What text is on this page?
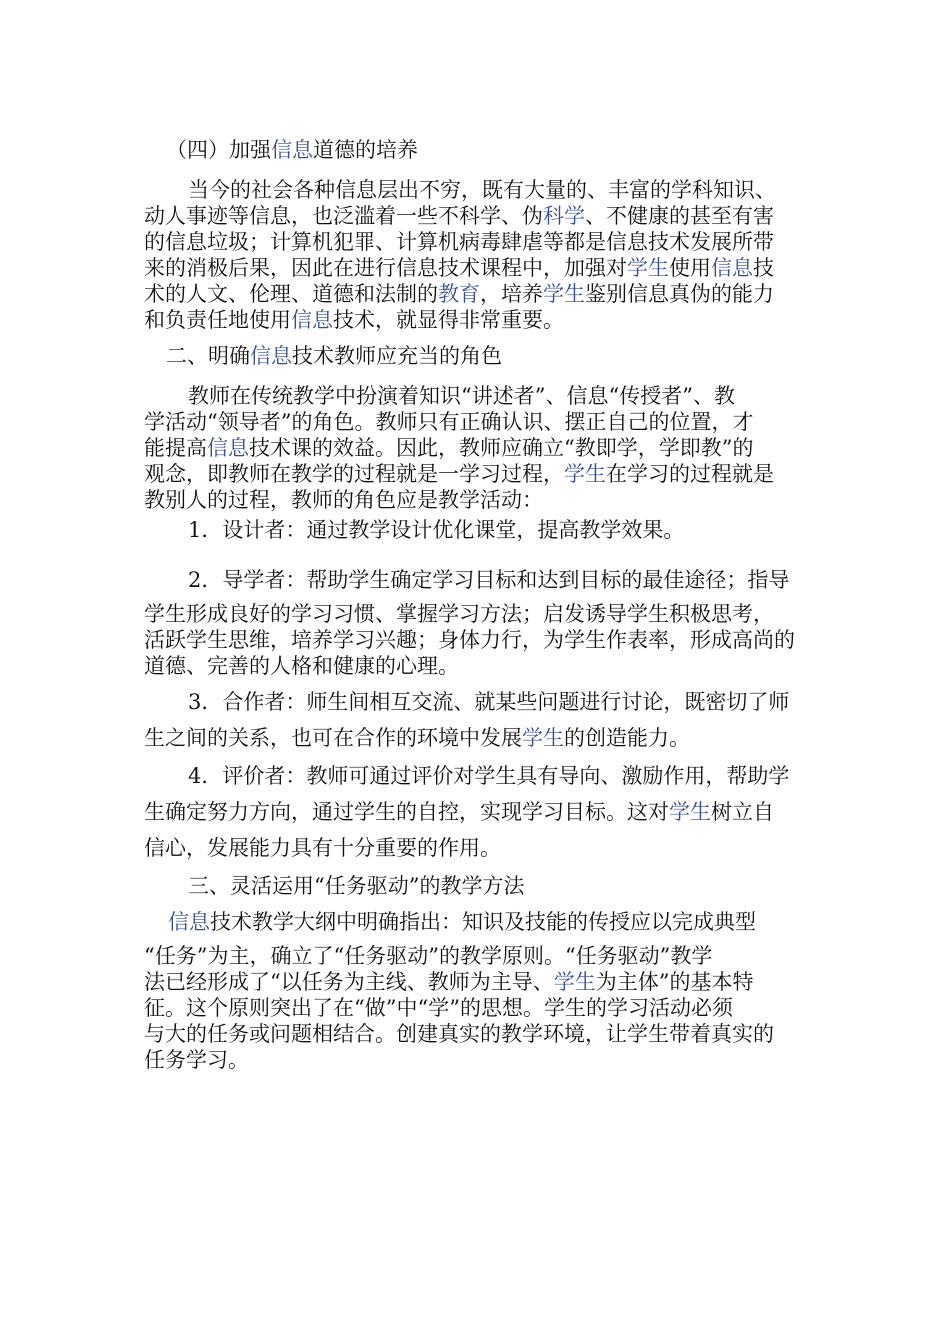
（四）加强信息道德的培养

当今的社会各种信息层出不穷，既有大量的、丰富的学科知识、

动人事迹等信息，也泛滥着一些不科学、伪科学、不健康的甚至有害

的信息垃圾；计算机犯罪、计算机病毒肆虐等都是信息技术发展所带

来的消极后果，因此在进行信息技术课程中，加强对学生使用信息技

术的人文、伦理、道德和法制的教育，培养学生鉴别信息真伪的能力

和负责任地使用信息技术，就显得非常重要。

二、明确信息技术教师应充当的角色

教师在传统教学中扮演着知识“讲述者”、信息“传授者”、教

学活动“领导者”的角色。教师只有正确认识、摆正自己的位置，才

能提高信息技术课的效益。因此，教师应确立“教即学，学即教”的

观念，即教师在教学的过程就是一学习过程，学生在学习的过程就是

教别人的过程，教师的角色应是教学活动：

1．设计者：通过教学设计优化课堂，提高教学效果。

2．导学者：帮助学生确定学习目标和达到目标的最佳途径；指导

学生形成良好的学习习惯、掌握学习方法；启发诱导学生积极思考，

活跃学生思维，培养学习兴趣；身体力行，为学生作表率，形成高尚的

道德、完善的人格和健康的心理。

3．合作者：师生间相互交流、就某些问题进行讨论，既密切了师

生之间的关系，也可在合作的环境中发展学生的创造能力。

4．评价者：教师可通过评价对学生具有导向、激励作用，帮助学

生确定努力方向，通过学生的自控，实现学习目标。这对学生树立自

信心，发展能力具有十分重要的作用。

三、灵活运用“任务驱动”的教学方法

信息技术教学大纲中明确指出：知识及技能的传授应以完成典型

“任务”为主，确立了“任务驱动”的教学原则。“任务驱动”教学

法已经形成了“以任务为主线、教师为主导、学生为主体”的基本特

征。这个原则突出了在“做”中“学”的思想。学生的学习活动必须

与大的任务或问题相结合。创建真实的教学环境，让学生带着真实的

任务学习。
